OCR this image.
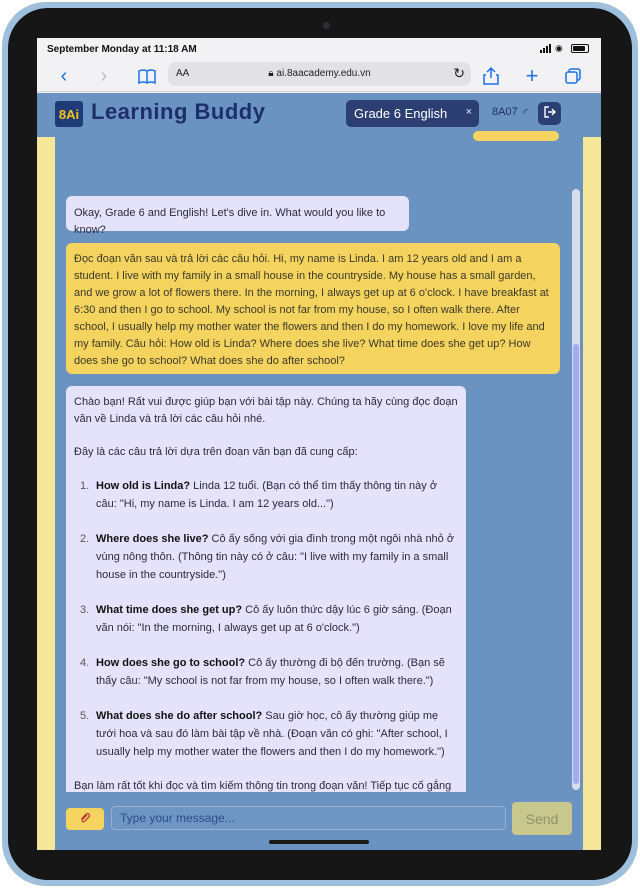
September Monday at 11:18 AM	◉
‹	›	AA	🔒︎ ai.8aacademy.edu.vn	↻	+
8Ai Learning Buddy	Grade 6 English × 8A07 ♂
Okay, Grade 6 and English! Let's dive in. What would you like to know?
Đọc đoạn văn sau và trả lời các câu hỏi. Hi, my name is Linda. I am 12 years old and I am a student. I live with my family in a small house in the countryside. My house has a small garden, and we grow a lot of flowers there. In the morning, I always get up at 6 o'clock. I have breakfast at 6:30 and then I go to school. My school is not far from my house, so I often walk there. After school, I usually help my mother water the flowers and then I do my homework. I love my life and my family. Câu hỏi: How old is Linda? Where does she live? What time does she get up? How does she go to school? What does she do after school?

Chào bạn! Rất vui được giúp bạn với bài tập này. Chúng ta hãy cùng đọc đoạn văn về Linda và trả lời các câu hỏi nhé.

Đây là các câu trả lời dựa trên đoạn văn bạn đã cung cấp:

1. How old is Linda? Linda 12 tuổi. (Bạn có thể tìm thấy thông tin này ở câu: "Hi, my name is Linda. I am 12 years old...")
2. Where does she live? Cô ấy sống với gia đình trong một ngôi nhà nhỏ ở vùng nông thôn. (Thông tin này có ở câu: "I live with my family in a small house in the countryside.")
3. What time does she get up? Cô ấy luôn thức dậy lúc 6 giờ sáng. (Đoạn văn nói: "In the morning, I always get up at 6 o'clock.")
4. How does she go to school? Cô ấy thường đi bộ đến trường. (Bạn sẽ thấy câu: "My school is not far from my house, so I often walk there.")
5. What does she do after school? Sau giờ học, cô ấy thường giúp mẹ tưới hoa và sau đó làm bài tập về nhà. (Đoạn văn có ghi: "After school, I usually help my mother water the flowers and then I do my homework.")

Bạn làm rất tốt khi đọc và tìm kiếm thông tin trong đoạn văn! Tiếp tục cố gắng

Type your message...
Send
